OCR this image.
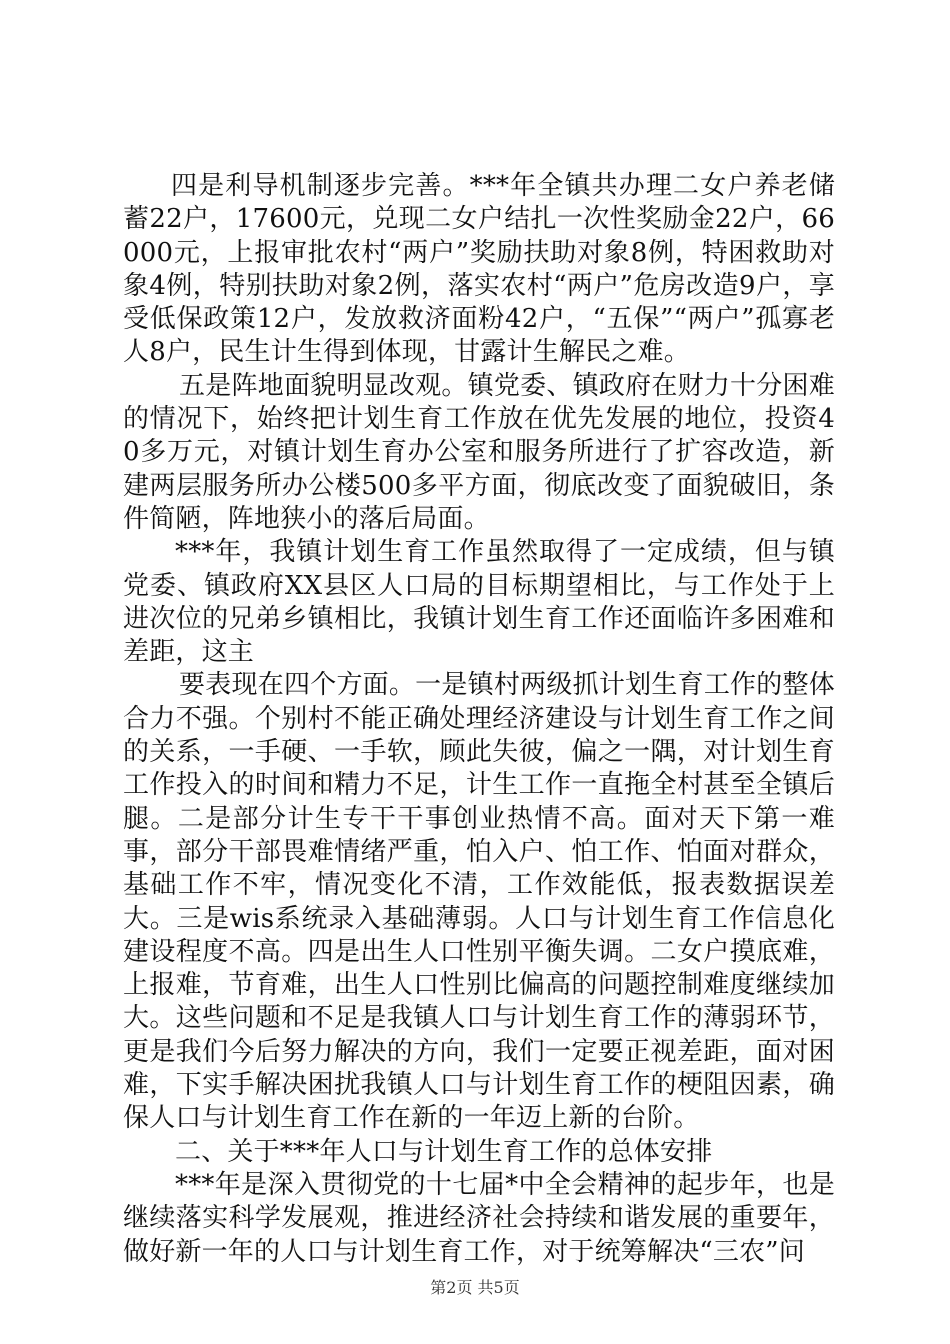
四是利导机制逐步完善。***年全镇共办理二女户养老储蓄22户，17600元，兑现二女户结扎一次性奖励金22户，66000元，上报审批农村“两户”奖励扶助对象8例，特困救助对象4例，特别扶助对象2例，落实农村“两户”危房改造9户，享受低保政策12户，发放救济面粉42户，“五保”“两户”孤寡老人8户，民生计生得到体现，甘露计生解民之难。

五是阵地面貌明显改观。镇党委、镇政府在财力十分困难的情况下，始终把计划生育工作放在优先发展的地位，投资40多万元，对镇计划生育办公室和服务所进行了扩容改造，新建两层服务所办公楼500多平方面，彻底改变了面貌破旧，条件简陋，阵地狭小的落后局面。

***年，我镇计划生育工作虽然取得了一定成绩，但与镇党委、镇政府XX县区人口局的目标期望相比，与工作处于上进次位的兄弟乡镇相比，我镇计划生育工作还面临许多困难和差距，这主

要表现在四个方面。一是镇村两级抓计划生育工作的整体合力不强。个别村不能正确处理经济建设与计划生育工作之间的关系，一手硬、一手软，顾此失彼，偏之一隅，对计划生育工作投入的时间和精力不足，计生工作一直拖全村甚至全镇后腿。二是部分计生专干干事创业热情不高。面对天下第一难事，部分干部畏难情绪严重，怕入户、怕工作、怕面对群众，基础工作不牢，情况变化不清，工作效能低，报表数据误差大。三是wis系统录入基础薄弱。人口与计划生育工作信息化建设程度不高。四是出生人口性别平衡失调。二女户摸底难，上报难，节育难，出生人口性别比偏高的问题控制难度继续加大。这些问题和不足是我镇人口与计划生育工作的薄弱环节，更是我们今后努力解决的方向，我们一定要正视差距，面对困难，下实手解决困扰我镇人口与计划生育工作的梗阻因素，确保人口与计划生育工作在新的一年迈上新的台阶。

二、关于***年人口与计划生育工作的总体安排

***年是深入贯彻党的十七届*中全会精神的起步年，也是继续落实科学发展观，推进经济社会持续和谐发展的重要年，做好新一年的人口与计划生育工作，对于统筹解决“三农”问

第2页 共5页
